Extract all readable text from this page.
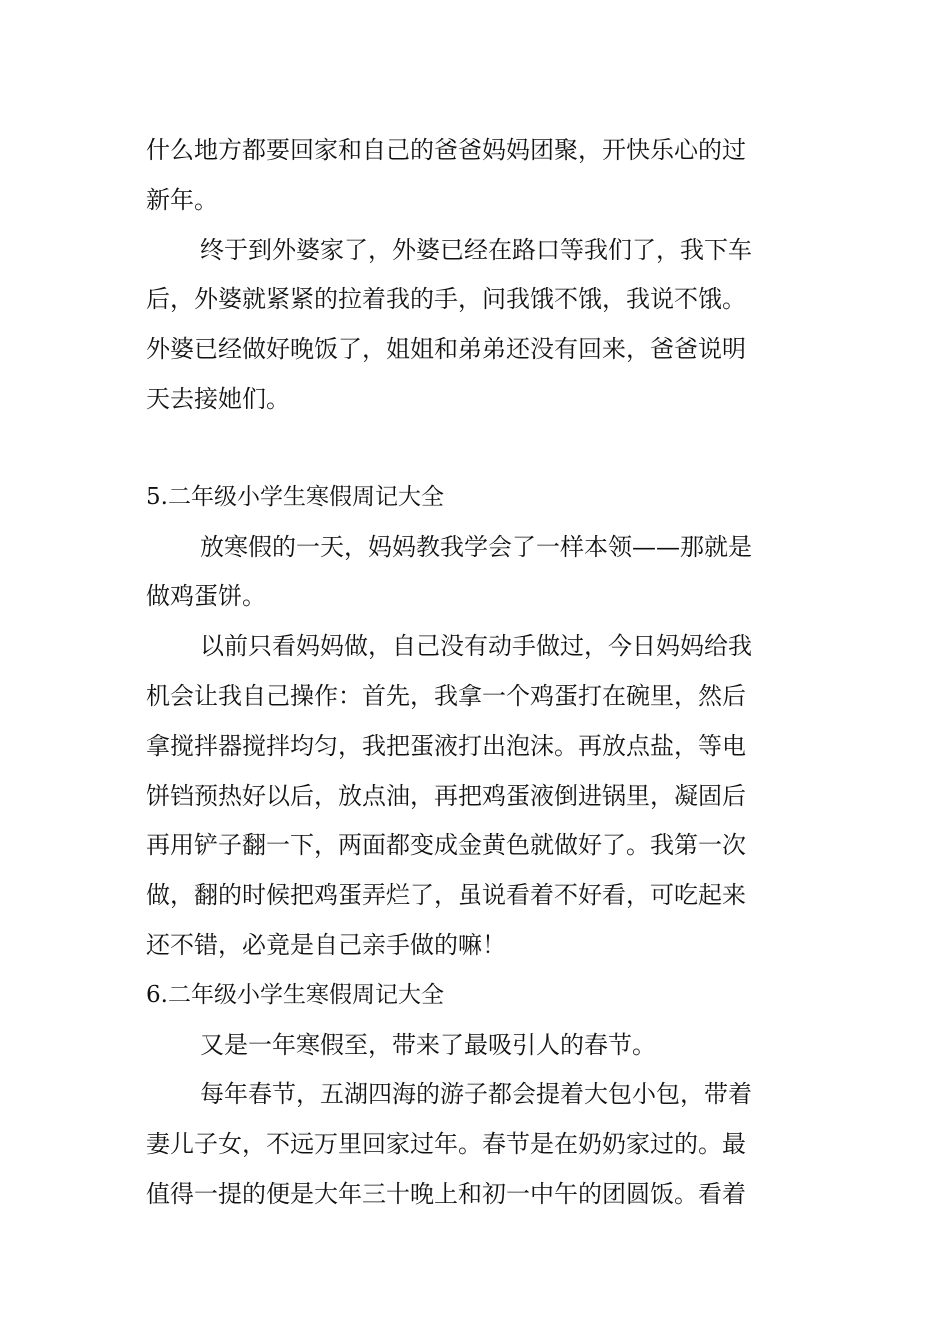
什么地方都要回家和自己的爸爸妈妈团聚，开快乐心的过
新年。
终于到外婆家了，外婆已经在路口等我们了，我下车
后，外婆就紧紧的拉着我的手，问我饿不饿，我说不饿。
外婆已经做好晚饭了，姐姐和弟弟还没有回来，爸爸说明
天去接她们。
5.二年级小学生寒假周记大全
放寒假的一天，妈妈教我学会了一样本领——那就是
做鸡蛋饼。
以前只看妈妈做，自己没有动手做过，今日妈妈给我
机会让我自己操作：首先，我拿一个鸡蛋打在碗里，然后
拿搅拌器搅拌均匀，我把蛋液打出泡沫。再放点盐，等电
饼铛预热好以后，放点油，再把鸡蛋液倒进锅里，凝固后
再用铲子翻一下，两面都变成金黄色就做好了。我第一次
做，翻的时候把鸡蛋弄烂了，虽说看着不好看，可吃起来
还不错，必竟是自己亲手做的嘛！
6.二年级小学生寒假周记大全
又是一年寒假至，带来了最吸引人的春节。
每年春节，五湖四海的游子都会提着大包小包，带着
妻儿子女，不远万里回家过年。春节是在奶奶家过的。最
值得一提的便是大年三十晚上和初一中午的团圆饭。看着
